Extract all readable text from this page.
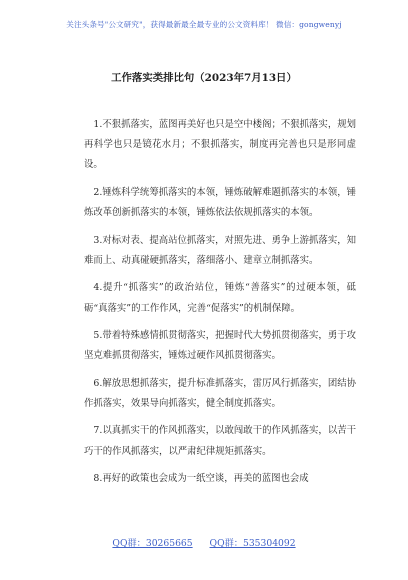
关注头条号"公文研究"，获得最新最全最专业的公文资料库！ 微信：gongwenyj
工作落实类排比句（2023年7月13日）

1.不狠抓落实，蓝图再美好也只是空中楼阁；不狠抓落实，规划再科学也只是镜花水月；不狠抓落实，制度再完善也只是形同虚设。

2.锤炼科学统筹抓落实的本领，锤炼破解难题抓落实的本领，锤炼改革创新抓落实的本领，锤炼依法依规抓落实的本领。

3.对标对表、提高站位抓落实，对照先进、勇争上游抓落实，知难而上、动真碰硬抓落实，落细落小、建章立制抓落实。

4.提升“抓落实”的政治站位，锤炼“善落实”的过硬本领，砥砺“真落实”的工作作风，完善“促落实”的机制保障。

5.带着特殊感情抓贯彻落实，把握时代大势抓贯彻落实，勇于攻坚克难抓贯彻落实，锤炼过硬作风抓贯彻落实。

6.解放思想抓落实，提升标准抓落实，雷厉风行抓落实，团结协作抓落实，效果导向抓落实，健全制度抓落实。

7.以真抓实干的作风抓落实，以敢闯敢干的作风抓落实，以苦干巧干的作风抓落实，以严肃纪律规矩抓落实。

8.再好的政策也会成为一纸空谈，再美的蓝图也会成

QQ群：30265665 QQ群：535304092
